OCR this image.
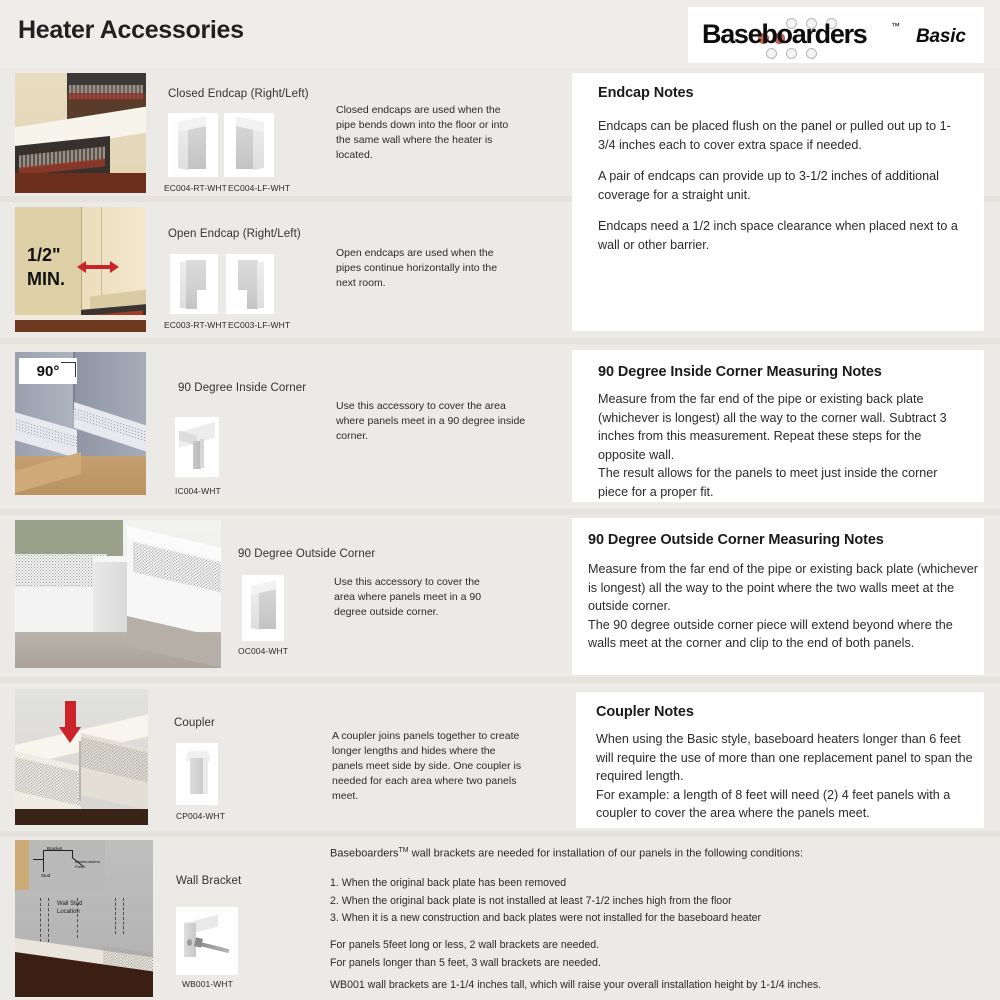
Heater Accessories	Baseboarders	™ Basic
Closed Endcap (Right/Left)
EC004-RT-WHT EC004-LF-WHT
Closed endcaps are used when the pipe bends down into the floor or into the same wall where the heater is located.
1/2"
MIN.
Open Endcap (Right/Left)
EC003-RT-WHT EC003-LF-WHT
Open endcaps are used when the pipes continue horizontally into the next room.
Endcap Notes

Endcaps can be placed flush on the panel or pulled out up to 1-3/4 inches each to cover extra space if needed.

A pair of endcaps can provide up to 3-1/2 inches of additional coverage for a straight unit.

Endcaps need a 1/2 inch space clearance when placed next to a wall or other barrier.

90°
90 Degree Inside Corner
IC004-WHT
Use this accessory to cover the area where panels meet in a 90 degree inside corner.
90 Degree Inside Corner Measuring Notes

Measure from the far end of the pipe or existing back plate (whichever is longest) all the way to the corner wall. Subtract 3 inches from this measurement. Repeat these steps for the opposite wall.

The result allows for the panels to meet just inside the corner piece for a proper fit.

90 Degree Outside Corner
OC004-WHT
Use this accessory to cover the area where panels meet in a 90 degree outside corner.
90 Degree Outside Corner Measuring Notes

Measure from the far end of the pipe or existing back plate (whichever is longest) all the way to the point where the two walls meet at the outside corner.

The 90 degree outside corner piece will extend beyond where the walls meet at the corner and clip to the end of both panels.

Coupler
CP004-WHT
A coupler joins panels together to create longer lengths and hides where the panels meet side by side. One coupler is needed for each area where two panels meet.
Coupler Notes

When using the Basic style, baseboard heaters longer than 6 feet will require the use of more than one replacement panel to span the required length.

For example: a length of 8 feet will need (2) 4 feet panels with a coupler to cover the area where the panels meet.

Bracket
Baseboarders Panel
Stud
Wall Stud Location
Wall Bracket
WB001-WHT
Baseboarders™ wall brackets are needed for installation of our panels in the following conditions:
1. When the original back plate has been removed
2. When the original back plate is not installed at least 7-1/2 inches high from the floor
3. When it is a new construction and back plates were not installed for the baseboard heater
For panels 5feet long or less, 2 wall brackets are needed.
For panels longer than 5 feet, 3 wall brackets are needed.
WB001 wall brackets are 1-1/4 inches tall, which will raise your overall installation height by 1-1/4 inches.
